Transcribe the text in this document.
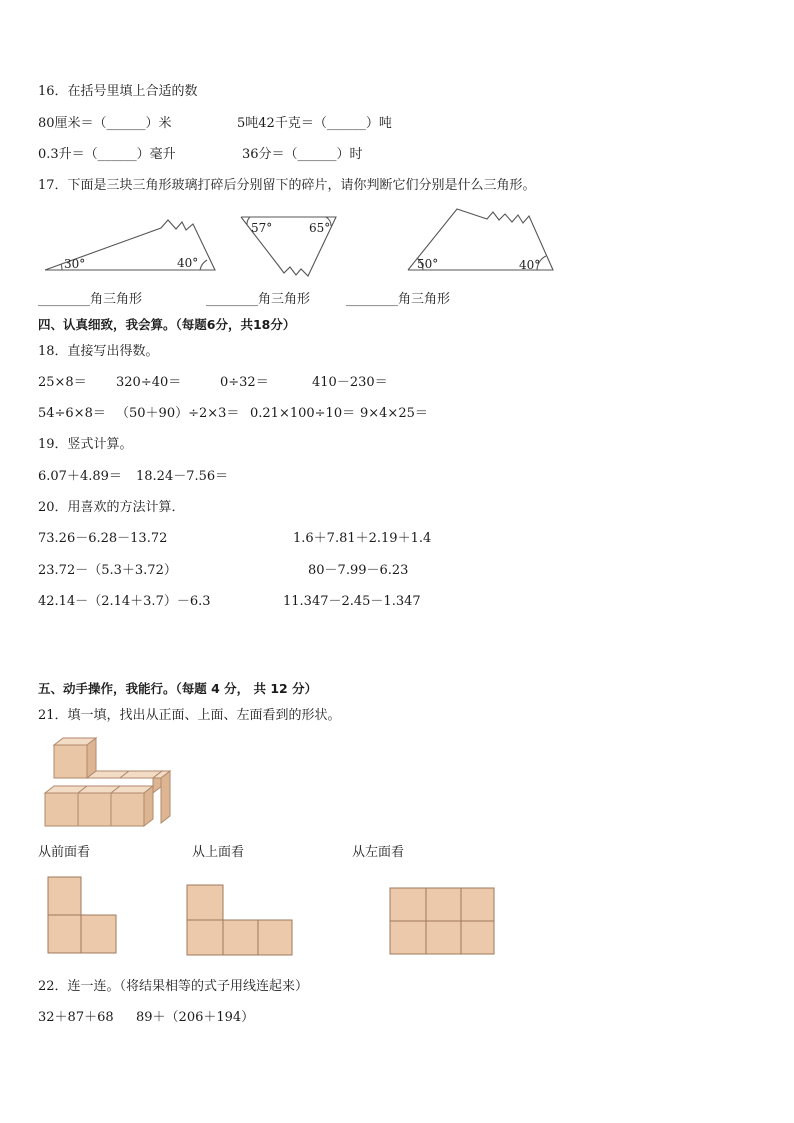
16．在括号里填上合适的数
80厘米＝（______）米	5吨42千克＝（______）吨
0.3升＝（______）毫升	36分＝（______）时
17．下面是三块三角形玻璃打碎后分别留下的碎片，请你判断它们分别是什么三角形。
30°	40°
57°	65°
50°	40°
________角三角形	________角三角形	________角三角形
四、认真细致，我会算。（每题6分，共18分）
18．直接写出得数。
25×8＝ 320÷40＝	0÷32＝	410－230＝
54÷6×8＝ （50＋90）÷2×3＝ 0.21×100÷10＝ 9×4×25＝
19．竖式计算。
6.07＋4.89＝ 18.24－7.56＝
20．用喜欢的方法计算．
73.26－6.28－13.72	1.6＋7.81＋2.19＋1.4
23.72－（5.3＋3.72）	80－7.99－6.23
42.14－（2.14＋3.7）－6.3	11.347－2.45－1.347
五、动手操作，我能行。（每题 4 分， 共 12 分）
21．填一填，找出从正面、上面、左面看到的形状。
从前面看	从上面看	从左面看
22．连一连。（将结果相等的式子用线连起来）
32＋87＋68 89＋（206＋194）
